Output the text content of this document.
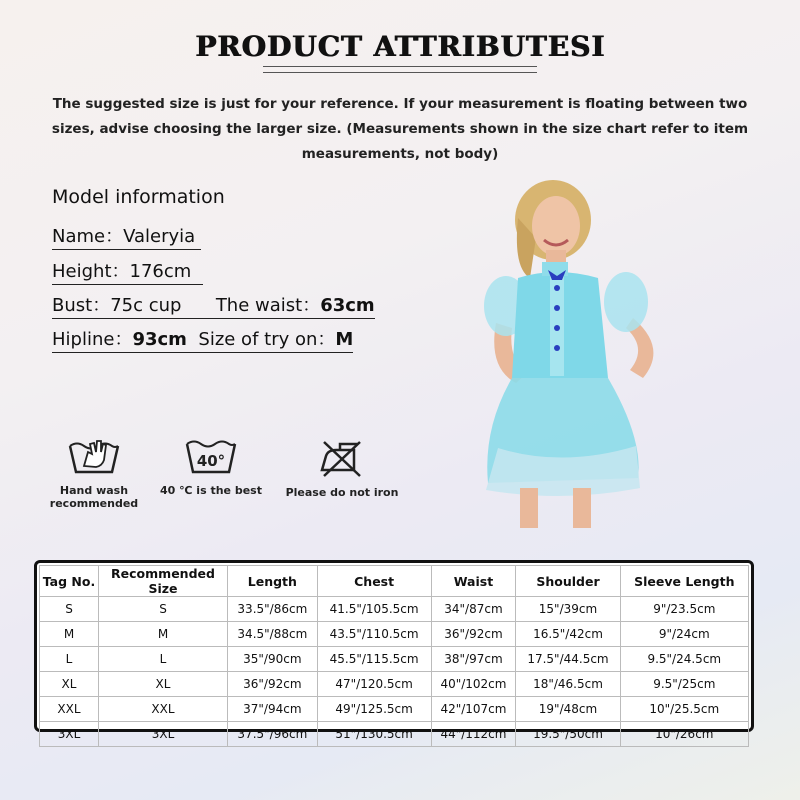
PRODUCT ATTRIBUTESI
The suggested size is just for your reference. If your measurement is floating between two sizes, advise choosing the larger size. (Measurements shown in the size chart refer to item measurements, not body)
Model information
Name：Valeryia
Height：176cm
Bust：75c cup The waist：63cm
Hipline：93cm Size of try on：M
Hand wash
recommended
40°
40 ℃ is the best	Please do not iron
Tag No.	Recommended Size	Length	Chest	Waist	Shoulder	Sleeve Length
S	S	33.5"/86cm	41.5"/105.5cm	34"/87cm	15"/39cm	9"/23.5cm
M	M	34.5"/88cm	43.5"/110.5cm	36"/92cm	16.5"/42cm	9"/24cm
L	L	35"/90cm	45.5"/115.5cm	38"/97cm	17.5"/44.5cm	9.5"/24.5cm
XL	XL	36"/92cm	47"/120.5cm	40"/102cm	18"/46.5cm	9.5"/25cm
XXL	XXL	37"/94cm	49"/125.5cm	42"/107cm	19"/48cm	10"/25.5cm
3XL	3XL	37.5"/96cm	51"/130.5cm	44"/112cm	19.5"/50cm	10"/26cm
